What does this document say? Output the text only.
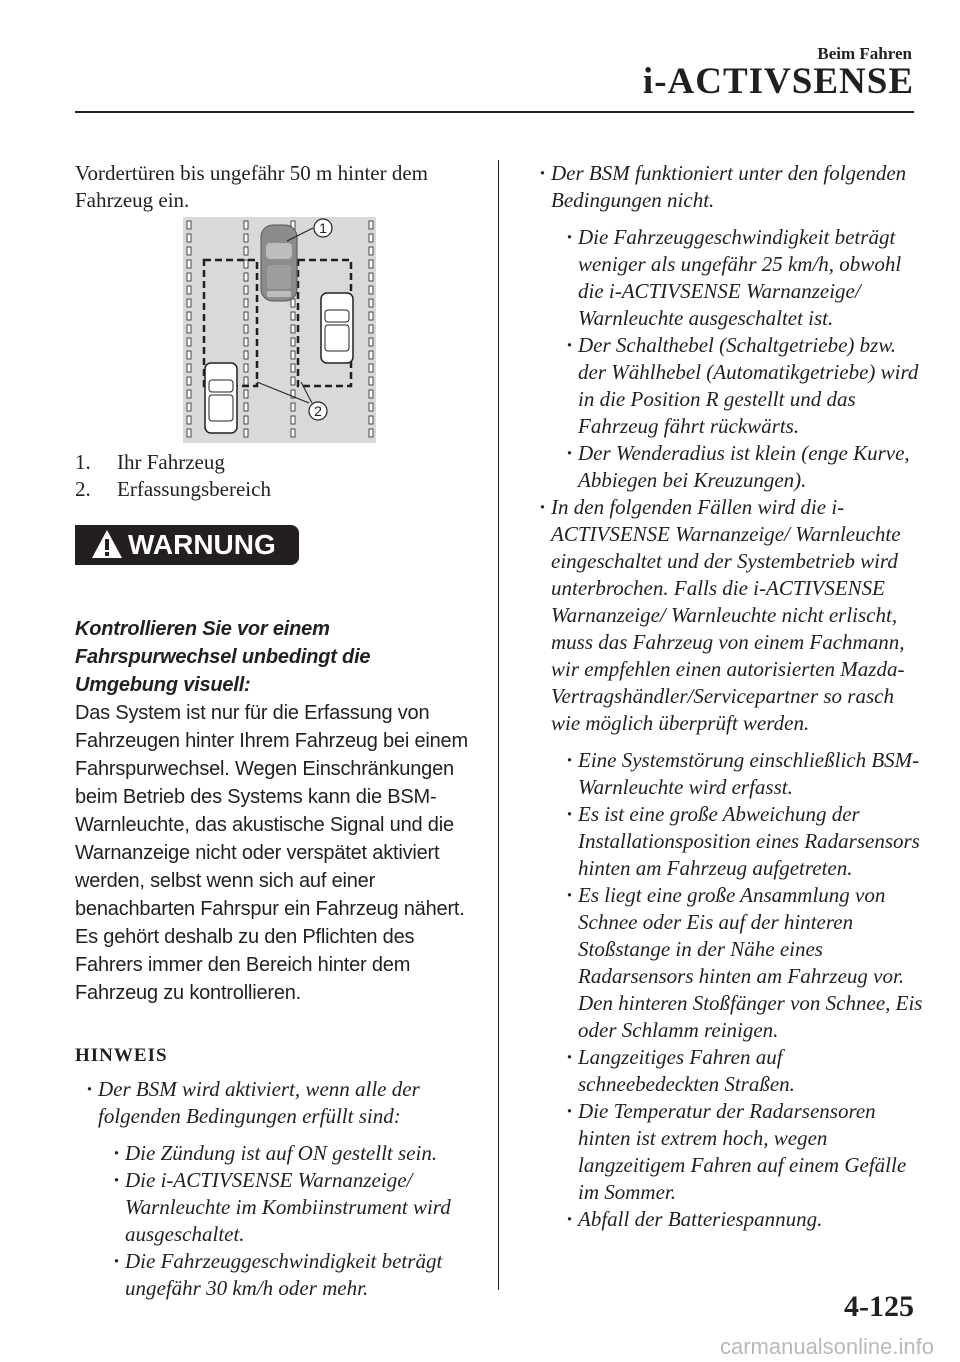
Beim Fahren
i-ACTIVSENSE

Vordertüren bis ungefähr 50 m hinter dem Fahrzeug ein.

1
2
1. Ihr Fahrzeug
2. Erfassungsbereich
WARNUNG

Kontrollieren Sie vor einem Fahrspurwechsel unbedingt die Umgebung visuell:

Das System ist nur für die Erfassung von Fahrzeugen hinter Ihrem Fahrzeug bei einem Fahrspurwechsel. Wegen Einschränkungen beim Betrieb des Systems kann die BSM-Warnleuchte, das akustische Signal und die Warnanzeige nicht oder verspätet aktiviert werden, selbst wenn sich auf einer benachbarten Fahrspur ein Fahrzeug nähert. Es gehört deshalb zu den Pflichten des Fahrers immer den Bereich hinter dem Fahrzeug zu kontrollieren.

HINWEIS

· Der BSM wird aktiviert, wenn alle der folgenden Bedingungen erfüllt sind:

· Die Zündung ist auf ON gestellt sein.

· Die i-ACTIVSENSE Warnanzeige/ Warnleuchte im Kombiinstrument wird ausgeschaltet.

· Die Fahrzeuggeschwindigkeit beträgt ungefähr 30 km/h oder mehr.

· Der BSM funktioniert unter den folgenden Bedingungen nicht.

· Die Fahrzeuggeschwindigkeit beträgt weniger als ungefähr 25 km/h, obwohl die i-ACTIVSENSE Warnanzeige/ Warnleuchte ausgeschaltet ist.

· Der Schalthebel (Schaltgetriebe) bzw. der Wählhebel (Automatikgetriebe) wird in die Position R gestellt und das Fahrzeug fährt rückwärts.

· Der Wenderadius ist klein (enge Kurve, Abbiegen bei Kreuzungen).

· In den folgenden Fällen wird die i-ACTIVSENSE Warnanzeige/ Warnleuchte eingeschaltet und der Systembetrieb wird unterbrochen. Falls die i-ACTIVSENSE Warnanzeige/ Warnleuchte nicht erlischt, muss das Fahrzeug von einem Fachmann, wir empfehlen einen autorisierten Mazda-Vertragshändler/Servicepartner so rasch wie möglich überprüft werden.

· Eine Systemstörung einschließlich BSM-Warnleuchte wird erfasst.

· Es ist eine große Abweichung der Installationsposition eines Radarsensors hinten am Fahrzeug aufgetreten.

· Es liegt eine große Ansammlung von Schnee oder Eis auf der hinteren Stoßstange in der Nähe eines Radarsensors hinten am Fahrzeug vor. Den hinteren Stoßfänger von Schnee, Eis oder Schlamm reinigen.

· Langzeitiges Fahren auf schneebedeckten Straßen.

· Die Temperatur der Radarsensoren hinten ist extrem hoch, wegen langzeitigem Fahren auf einem Gefälle im Sommer.

· Abfall der Batteriespannung.

4-125
carmanualsonline.info
